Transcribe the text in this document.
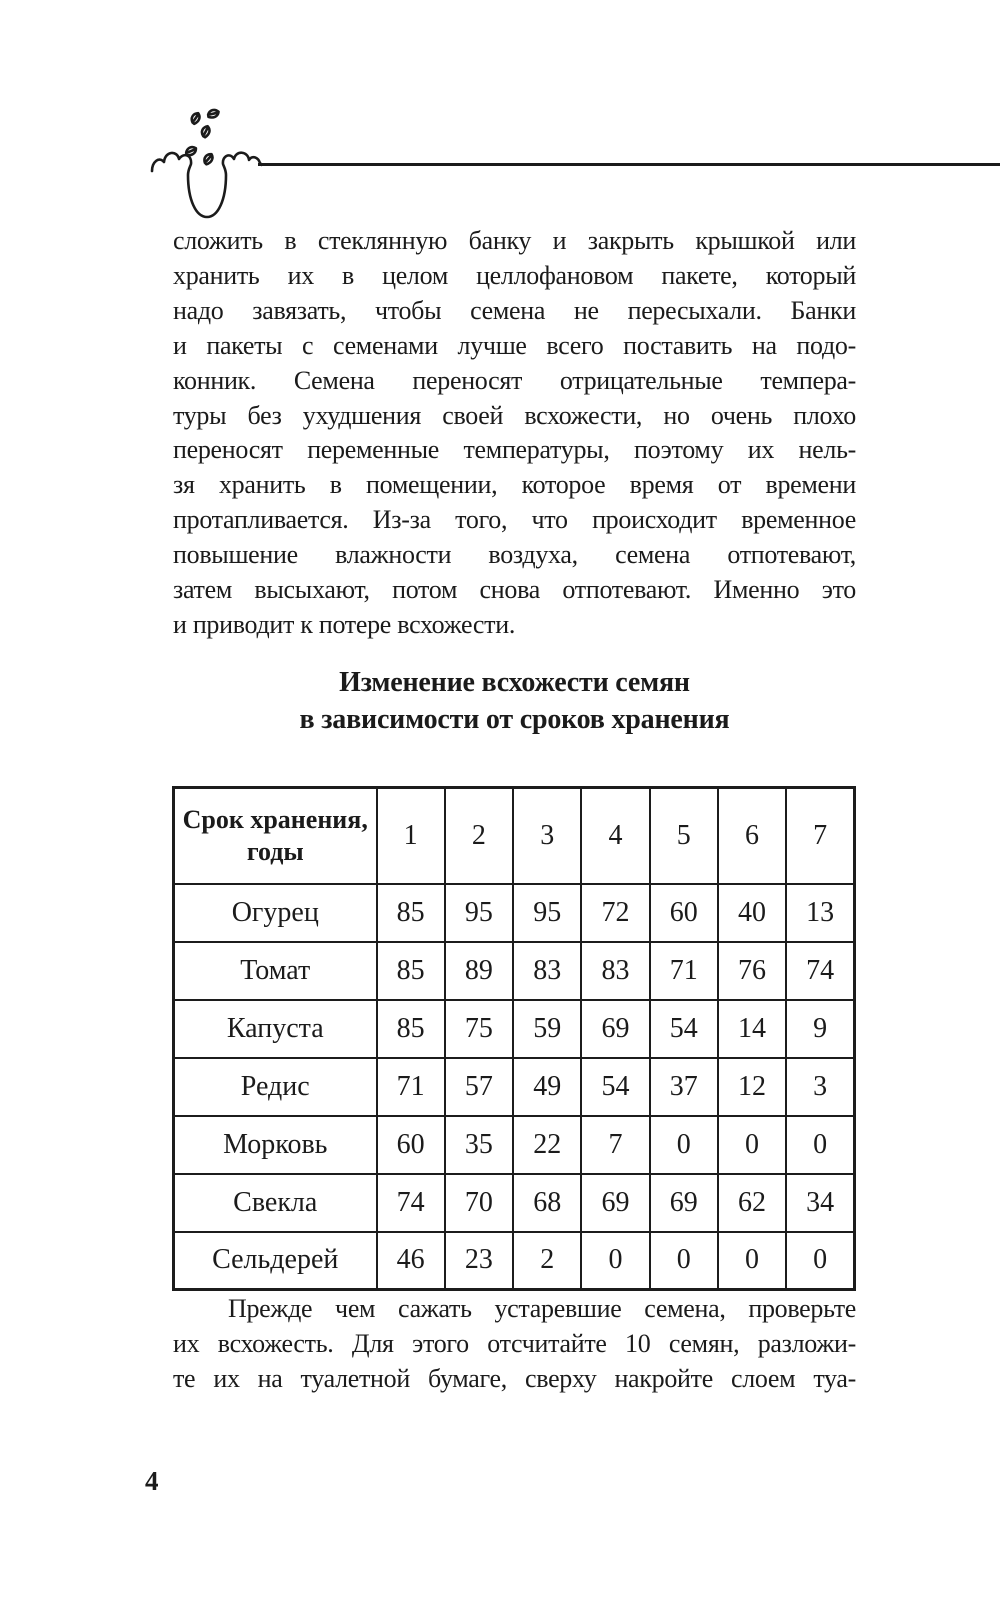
сложить в стеклянную банку и закрыть крышкой или
хранить их в целом целлофановом пакете, который
надо завязать, чтобы семена не пересыхали. Банки
и пакеты с семенами лучше всего поставить на подо-
конник. Семена переносят отрицательные темпера-
туры без ухудшения своей всхожести, но очень плохо
переносят переменные температуры, поэтому их нель-
зя хранить в помещении, которое время от времени
протапливается. Из-за того, что происходит временное
повышение влажности воздуха, семена отпотевают,
затем высыхают, потом снова отпотевают. Именно это
и приводит к потере всхожести.
Изменение всхожести семян
в зависимости от сроков хранения
Срок хранения,
годы	1	2	3	4	5	6	7
Огурец	85	95	95	72	60	40	13
Томат	85	89	83	83	71	76	74
Капуста	85	75	59	69	54	14	9
Редис	71	57	49	54	37	12	3
Морковь	60	35	22	7	0	0	0
Свекла	74	70	68	69	69	62	34
Сельдерей	46	23	2	0	0	0	0
Прежде чем сажать устаревшие семена, проверьте
их всхожесть. Для этого отсчитайте 10 семян, разложи-
те их на туалетной бумаге, сверху накройте слоем туа-
4
